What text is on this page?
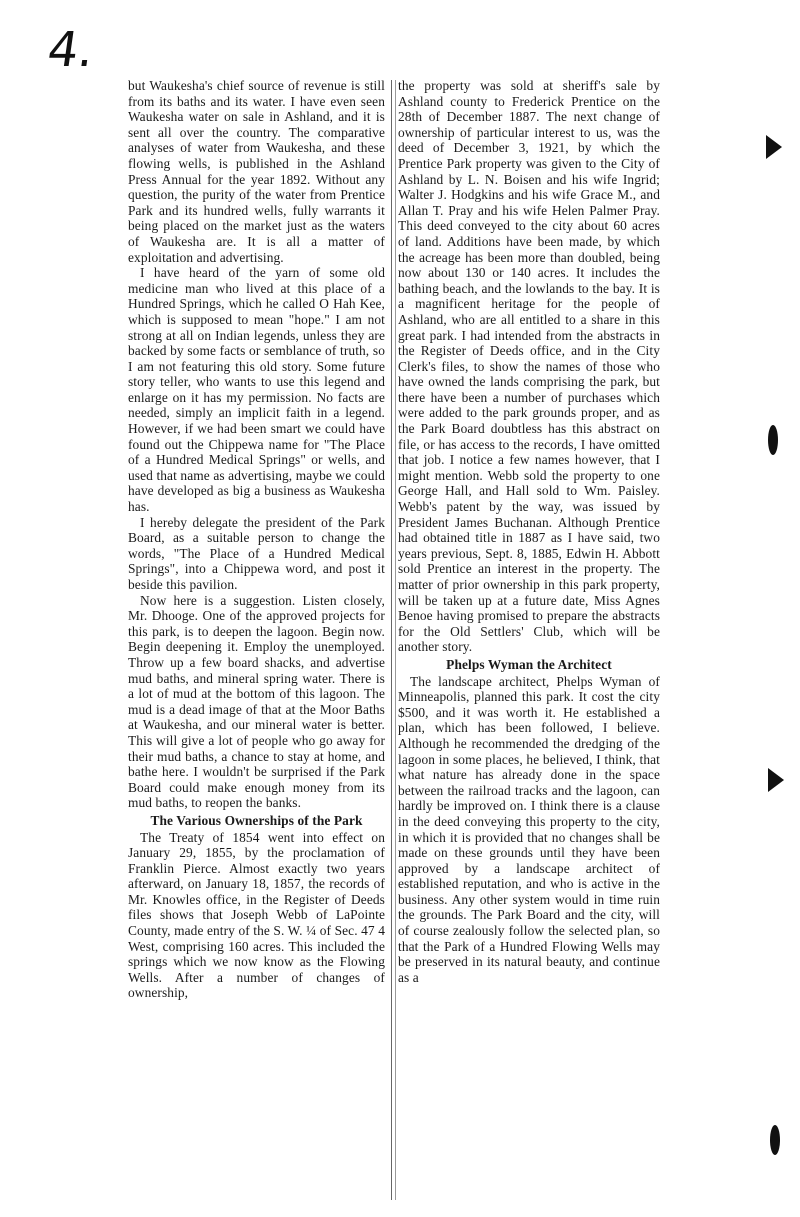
4.

but Waukesha's chief source of revenue is still from its baths and its water. I have even seen Waukesha water on sale in Ashland, and it is sent all over the country. The comparative analyses of water from Waukesha, and these flowing wells, is published in the Ashland Press Annual for the year 1892. Without any question, the purity of the water from Prentice Park and its hundred wells, fully warrants it being placed on the market just as the waters of Waukesha are. It is all a matter of exploitation and advertising.

I have heard of the yarn of some old medicine man who lived at this place of a Hundred Springs, which he called O Hah Kee, which is supposed to mean "hope." I am not strong at all on Indian legends, unless they are backed by some facts or semblance of truth, so I am not featuring this old story. Some future story teller, who wants to use this legend and enlarge on it has my permission. No facts are needed, simply an implicit faith in a legend. However, if we had been smart we could have found out the Chippewa name for "The Place of a Hundred Medical Springs" or wells, and used that name as advertising, maybe we could have developed as big a business as Waukesha has.

I hereby delegate the president of the Park Board, as a suitable person to change the words, "The Place of a Hundred Medical Springs", into a Chippewa word, and post it beside this pavilion.

Now here is a suggestion. Listen closely, Mr. Dhooge. One of the approved projects for this park, is to deepen the lagoon. Begin now. Begin deepening it. Employ the unemployed. Throw up a few board shacks, and advertise mud baths, and mineral spring water. There is a lot of mud at the bottom of this lagoon. The mud is a dead image of that at the Moor Baths at Waukesha, and our mineral water is better. This will give a lot of people who go away for their mud baths, a chance to stay at home, and bathe here. I wouldn't be surprised if the Park Board could make enough money from its mud baths, to reopen the banks.

The Various Ownerships of the Park

The Treaty of 1854 went into effect on January 29, 1855, by the proclamation of Franklin Pierce. Almost exactly two years afterward, on January 18, 1857, the records of Mr. Knowles office, in the Register of Deeds files shows that Joseph Webb of LaPointe County, made entry of the S. W. ¼ of Sec. 47 4 West, comprising 160 acres. This included the springs which we now know as the Flowing Wells. After a number of changes of ownership,

the property was sold at sheriff's sale by Ashland county to Frederick Prentice on the 28th of December 1887. The next change of ownership of particular interest to us, was the deed of December 3, 1921, by which the Prentice Park property was given to the City of Ashland by L. N. Boisen and his wife Ingrid; Walter J. Hodgkins and his wife Grace M., and Allan T. Pray and his wife Helen Palmer Pray. This deed conveyed to the city about 60 acres of land. Additions have been made, by which the acreage has been more than doubled, being now about 130 or 140 acres. It includes the bathing beach, and the lowlands to the bay. It is a magnificent heritage for the people of Ashland, who are all entitled to a share in this great park. I had intended from the abstracts in the Register of Deeds office, and in the City Clerk's files, to show the names of those who have owned the lands comprising the park, but there have been a number of purchases which were added to the park grounds proper, and as the Park Board doubtless has this abstract on file, or has access to the records, I have omitted that job. I notice a few names however, that I might mention. Webb sold the property to one George Hall, and Hall sold to Wm. Paisley. Webb's patent by the way, was issued by President James Buchanan. Although Prentice had obtained title in 1887 as I have said, two years previous, Sept. 8, 1885, Edwin H. Abbott sold Prentice an interest in the property. The matter of prior ownership in this park property, will be taken up at a future date, Miss Agnes Benoe having promised to prepare the abstracts for the Old Settlers' Club, which will be another story.

Phelps Wyman the Architect

The landscape architect, Phelps Wyman of Minneapolis, planned this park. It cost the city $500, and it was worth it. He established a plan, which has been followed, I believe. Although he recommended the dredging of the lagoon in some places, he believed, I think, that what nature has already done in the space between the railroad tracks and the lagoon, can hardly be improved on. I think there is a clause in the deed conveying this property to the city, in which it is provided that no changes shall be made on these grounds until they have been approved by a landscape architect of established reputation, and who is active in the business. Any other system would in time ruin the grounds. The Park Board and the city, will of course zealously follow the selected plan, so that the Park of a Hundred Flowing Wells may be preserved in its natural beauty, and continue as a
